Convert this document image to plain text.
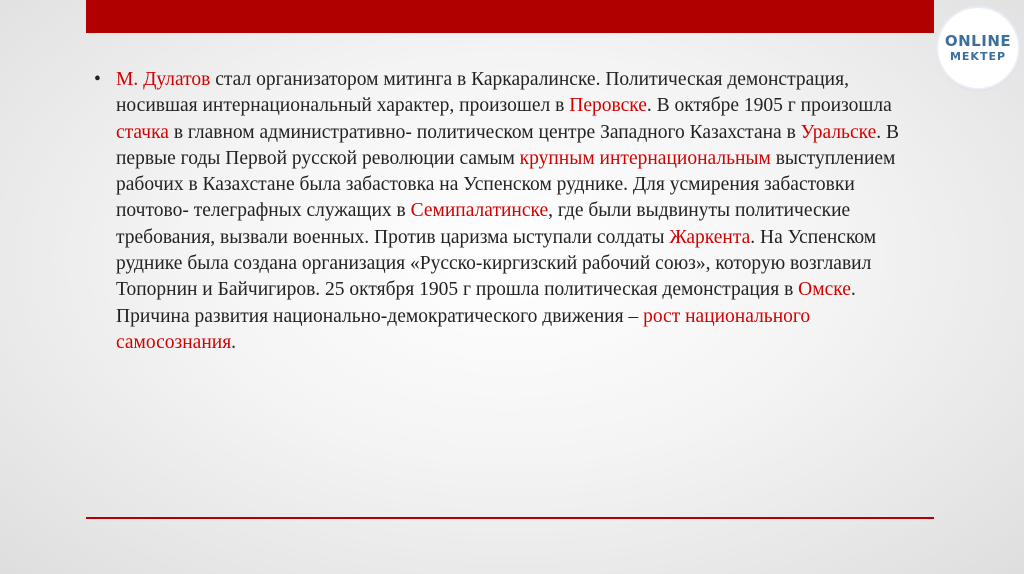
ONLINE
MEKTEP
• М. Дулатов стал организатором митинга в Каркаралинске. Политическая демонстрация, носившая интернациональный характер, произошел в Перовске. В октябре 1905 г произошла стачка в главном административно- политическом центре Западного Казахстана в Уральске. В первые годы Первой русской революции самым крупным интернациональным выступлением рабочих в Казахстане была забастовка на Успенском руднике. Для усмирения забастовки почтово- телеграфных служащих в Семипалатинске, где были выдвинуты политические требования, вызвали военных. Против царизма ыступали солдаты Жаркента. На Успенском руднике была создана организация «Русско-киргизский рабочий союз», которую возглавил Топорнин и Байчигиров. 25 октября 1905 г прошла политическая демонстрация в Омске. Причина развития национально-демократического движения – рост национального самосознания.
